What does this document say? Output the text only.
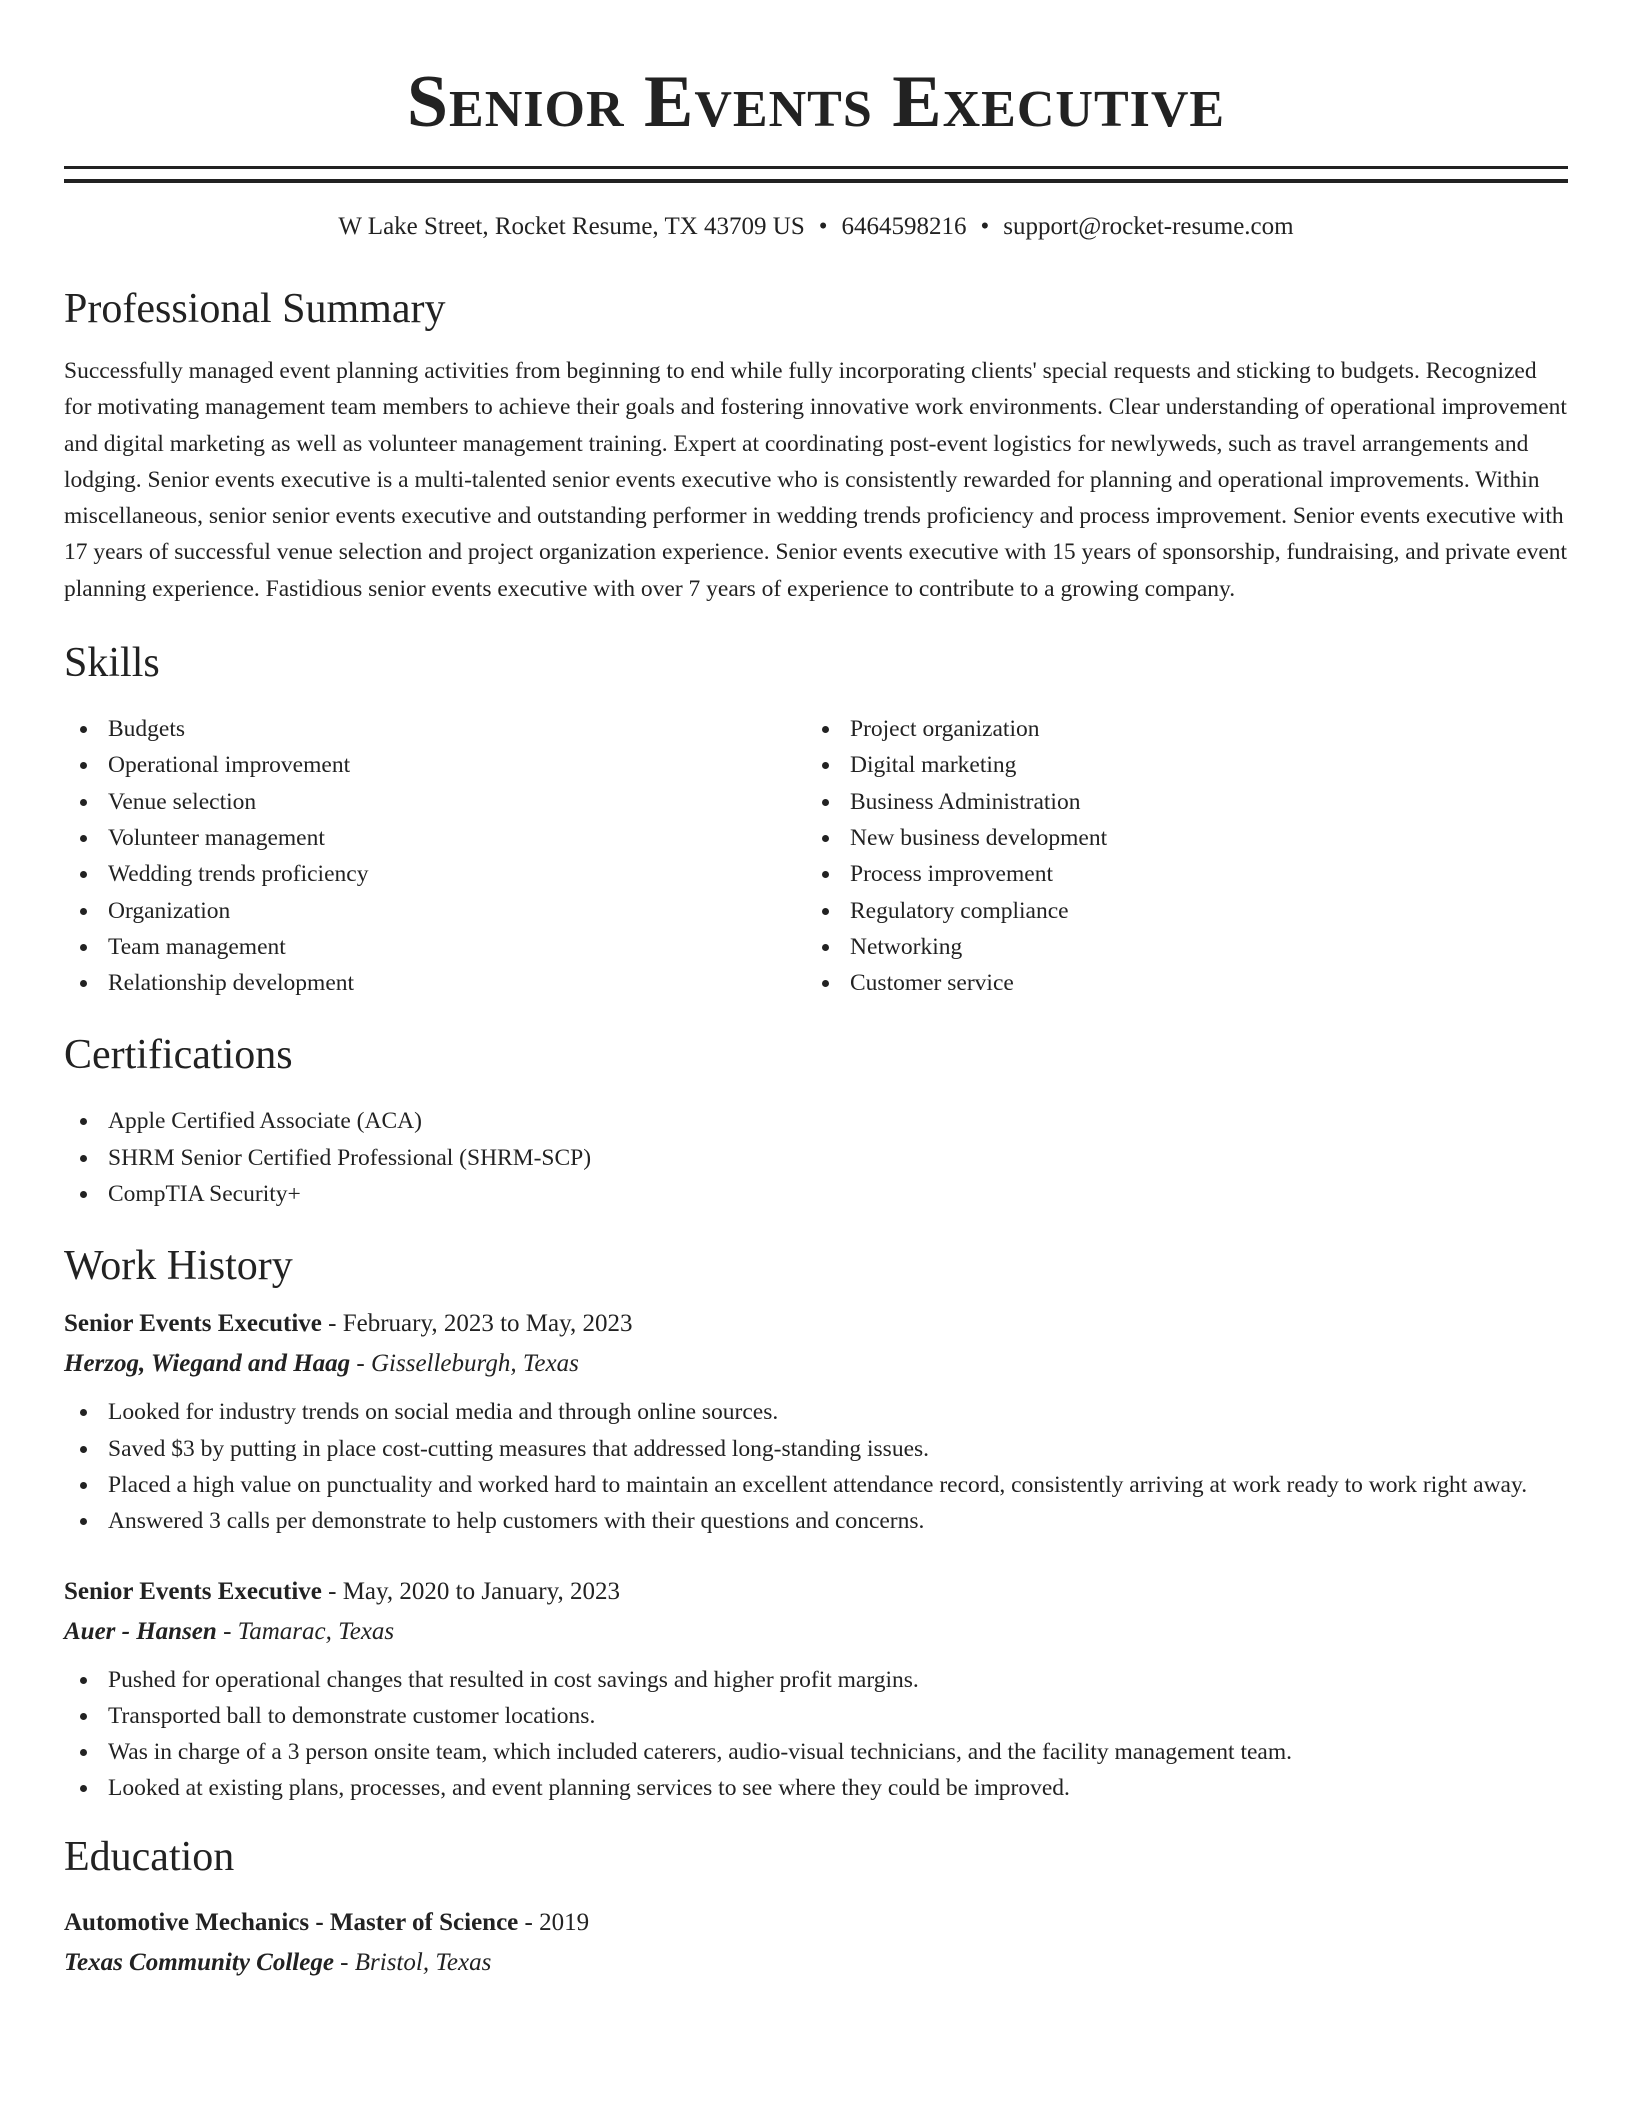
Senior Events Executive
W Lake Street, Rocket Resume, TX 43709 US • 6464598216 • support@rocket-resume.com
Professional Summary

Successfully managed event planning activities from beginning to end while fully incorporating clients' special requests and sticking to budgets. Recognized for motivating management team members to achieve their goals and fostering innovative work environments. Clear understanding of operational improvement and digital marketing as well as volunteer management training. Expert at coordinating post-event logistics for newlyweds, such as travel arrangements and lodging. Senior events executive is a multi-talented senior events executive who is consistently rewarded for planning and operational improvements. Within miscellaneous, senior senior events executive and outstanding performer in wedding trends proficiency and process improvement. Senior events executive with 17 years of successful venue selection and project organization experience. Senior events executive with 15 years of sponsorship, fundraising, and private event planning experience. Fastidious senior events executive with over 7 years of experience to contribute to a growing company.

Skills
Budgets
Operational improvement
Venue selection
Volunteer management
Wedding trends proficiency
Organization
Team management
Relationship development
Project organization
Digital marketing
Business Administration
New business development
Process improvement
Regulatory compliance
Networking
Customer service
Certifications
Apple Certified Associate (ACA)
SHRM Senior Certified Professional (SHRM-SCP)
CompTIA Security+
Work History
Senior Events Executive - February, 2023 to May, 2023
Herzog, Wiegand and Haag - Gisselleburgh, Texas
Looked for industry trends on social media and through online sources.
Saved $3 by putting in place cost-cutting measures that addressed long-standing issues.
Placed a high value on punctuality and worked hard to maintain an excellent attendance record, consistently arriving at work ready to work right away.
Answered 3 calls per demonstrate to help customers with their questions and concerns.
Senior Events Executive - May, 2020 to January, 2023
Auer - Hansen - Tamarac, Texas
Pushed for operational changes that resulted in cost savings and higher profit margins.
Transported ball to demonstrate customer locations.
Was in charge of a 3 person onsite team, which included caterers, audio-visual technicians, and the facility management team.
Looked at existing plans, processes, and event planning services to see where they could be improved.
Education
Automotive Mechanics - Master of Science - 2019
Texas Community College - Bristol, Texas
